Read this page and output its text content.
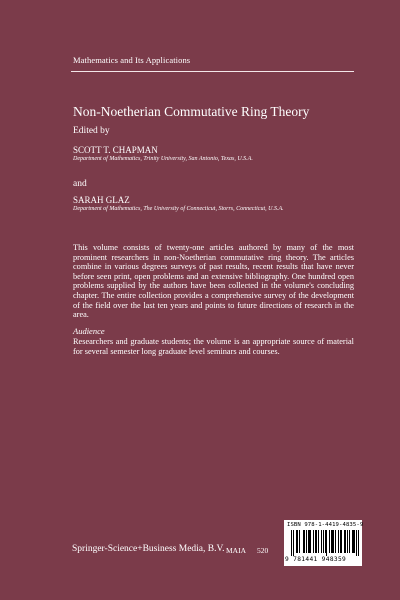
Mathematics and Its Applications
Non-Noetherian Commutative Ring Theory
Edited by
SCOTT T. CHAPMAN
Department of Mathematics, Trinity University, San Antonio, Texas, U.S.A.
and
SARAH GLAZ
Department of Mathematics, The University of Connecticut, Storrs, Connecticut, U.S.A.
This volume consists of twenty-one articles authored by many of the most prominent researchers in non-Noetherian commutative ring theory. The articles combine in various degrees surveys of past results, recent results that have never before seen print, open problems and an extensive bibliography. One hundred open problems supplied by the authors have been collected in the volume's concluding chapter. The entire collection provides a comprehensive survey of the development of the field over the last ten years and points to future directions of research in the area.
Audience
Researchers and graduate students; the volume is an appropriate source of material for several semester long graduate level seminars and courses.
Springer-Science+Business Media, B.V. MAIA 520
ISBN 978-1-4419-4835-9
9 781441 948359
